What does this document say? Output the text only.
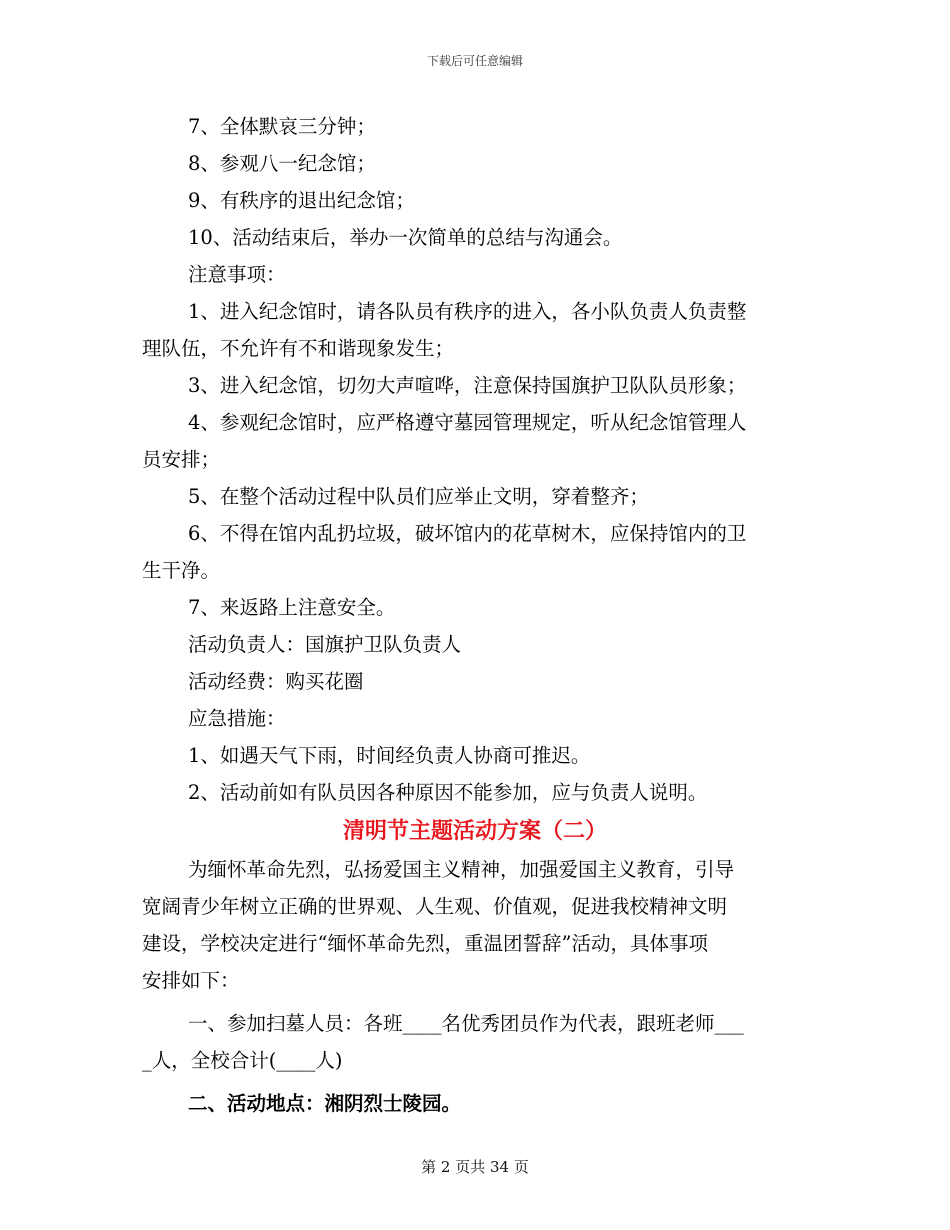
下载后可任意编辑
7、全体默哀三分钟；
8、参观八一纪念馆；
9、有秩序的退出纪念馆；
10、活动结束后，举办一次简单的总结与沟通会。
注意事项：
1、进入纪念馆时，请各队员有秩序的进入，各小队负责人负责整
理队伍，不允许有不和谐现象发生；
3、进入纪念馆，切勿大声喧哗，注意保持国旗护卫队队员形象；
4、参观纪念馆时，应严格遵守墓园管理规定，听从纪念馆管理人
员安排；
5、在整个活动过程中队员们应举止文明，穿着整齐；
6、不得在馆内乱扔垃圾，破坏馆内的花草树木，应保持馆内的卫
生干净。
7、来返路上注意安全。
活动负责人：国旗护卫队负责人
活动经费：购买花圈
应急措施：
1、如遇天气下雨，时间经负责人协商可推迟。
2、活动前如有队员因各种原因不能参加，应与负责人说明。
清明节主题活动方案（二）
为缅怀革命先烈，弘扬爱国主义精神，加强爱国主义教育，引导
宽阔青少年树立正确的世界观、人生观、价值观，促进我校精神文明
建设，学校决定进行“缅怀革命先烈，重温团誓辞”活动，具体事项
安排如下：
一、参加扫墓人员：各班____名优秀团员作为代表，跟班老师___
_人，全校合计(____人)
二、活动地点：湘阴烈士陵园。
第 2 页共 34 页
